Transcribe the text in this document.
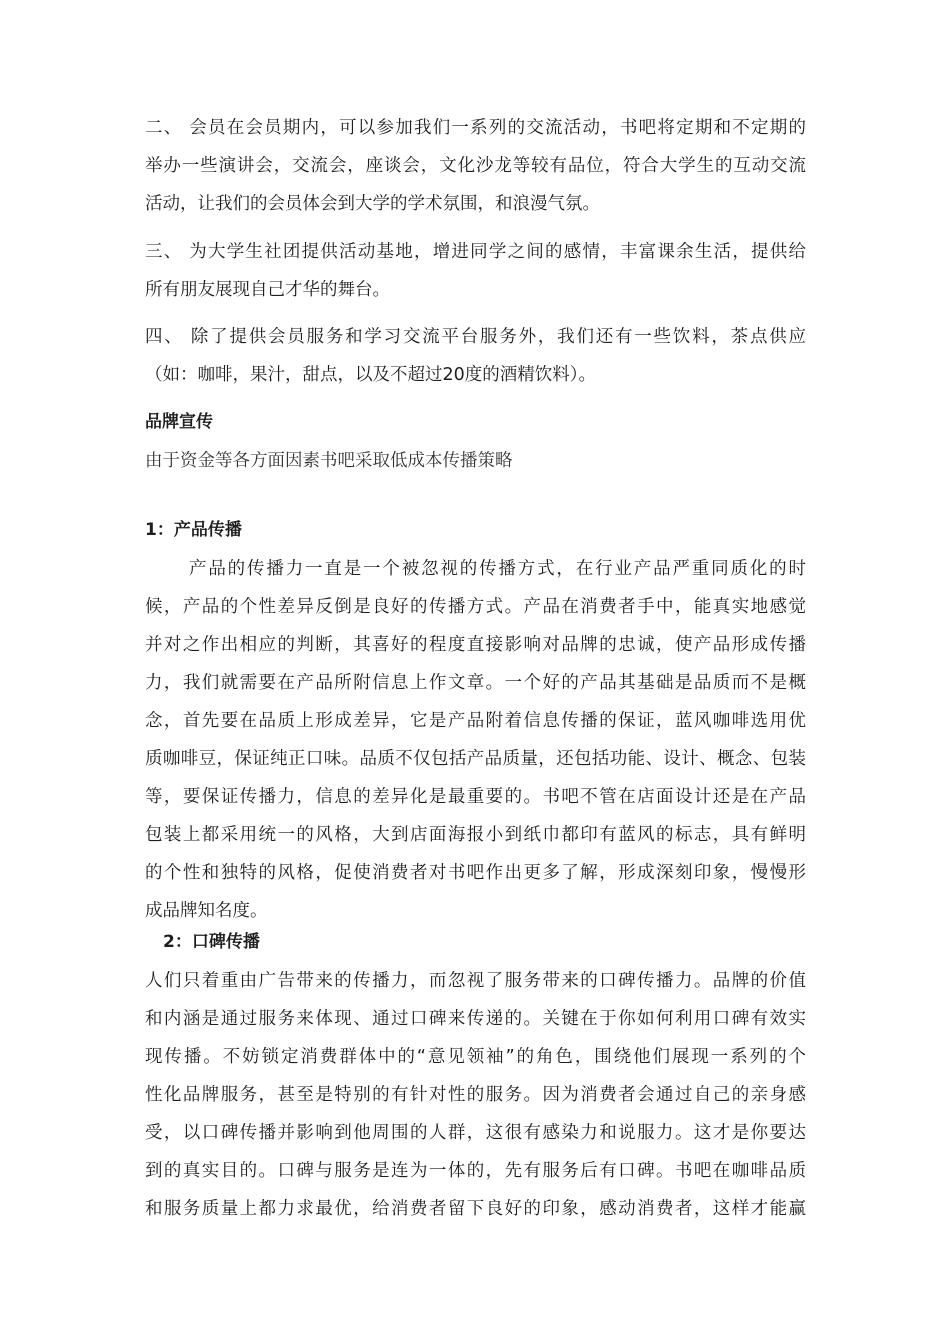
二、 会员在会员期内，可以参加我们一系列的交流活动，书吧将定期和不定期的
举办一些演讲会，交流会，座谈会，文化沙龙等较有品位，符合大学生的互动交流
活动，让我们的会员体会到大学的学术氛围，和浪漫气氛。
三、 为大学生社团提供活动基地，增进同学之间的感情，丰富课余生活，提供给
所有朋友展现自己才华的舞台。
四、 除了提供会员服务和学习交流平台服务外，我们还有一些饮料，茶点供应
（如：咖啡，果汁，甜点，以及不超过20度的酒精饮料）。
品牌宣传
由于资金等各方面因素书吧采取低成本传播策略
1：产品传播
产品的传播力一直是一个被忽视的传播方式，在行业产品严重同质化的时
候，产品的个性差异反倒是良好的传播方式。产品在消费者手中，能真实地感觉
并对之作出相应的判断，其喜好的程度直接影响对品牌的忠诚，使产品形成传播
力，我们就需要在产品所附信息上作文章。一个好的产品其基础是品质而不是概
念，首先要在品质上形成差异，它是产品附着信息传播的保证，蓝风咖啡选用优
质咖啡豆，保证纯正口味。品质不仅包括产品质量，还包括功能、设计、概念、包装
等，要保证传播力，信息的差异化是最重要的。书吧不管在店面设计还是在产品
包装上都采用统一的风格，大到店面海报小到纸巾都印有蓝风的标志，具有鲜明
的个性和独特的风格，促使消费者对书吧作出更多了解，形成深刻印象，慢慢形
成品牌知名度。
2：口碑传播
人们只着重由广告带来的传播力，而忽视了服务带来的口碑传播力。品牌的价值
和内涵是通过服务来体现、通过口碑来传递的。关键在于你如何利用口碑有效实
现传播。不妨锁定消费群体中的“意见领袖”的角色，围绕他们展现一系列的个
性化品牌服务，甚至是特别的有针对性的服务。因为消费者会通过自己的亲身感
受，以口碑传播并影响到他周围的人群，这很有感染力和说服力。这才是你要达
到的真实目的。口碑与服务是连为一体的，先有服务后有口碑。书吧在咖啡品质
和服务质量上都力求最优，给消费者留下良好的印象，感动消费者，这样才能赢
